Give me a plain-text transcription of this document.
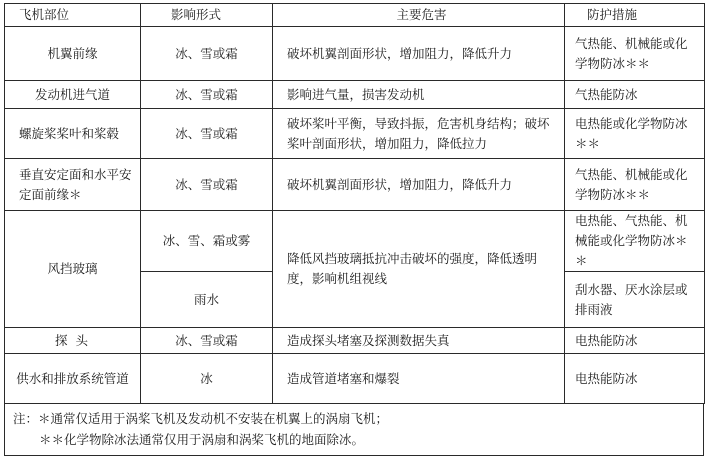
飞机部位	影响形式	主要危害	防护措施
机翼前缘	冰、雪或霜	破坏机翼剖面形状，增加阻力，降低升力	气热能、机械能或化学物防冰＊＊
发动机进气道	冰、雪或霜	影响进气量，损害发动机	气热能防冰
螺旋桨桨叶和桨毂	冰、雪或霜	破坏桨叶平衡，导致抖振，危害机身结构；破坏桨叶剖面形状，增加阻力，降低拉力	电热能或化学物防冰＊＊
垂直安定面和水平安定面前缘＊	冰、雪或霜	破坏机翼剖面形状，增加阻力，降低升力	气热能、机械能或化学物防冰＊＊
风挡玻璃	冰、雪、霜或雾	降低风挡玻璃抵抗冲击破坏的强度，降低透明度，影响机组视线	电热能、气热能、机械能或化学物防冰＊＊
	雨水		刮水器、厌水涂层或排雨液
探 头	冰、雪或霜	造成探头堵塞及探测数据失真	电热能防冰
供水和排放系统管道	冰	造成管道堵塞和爆裂	电热能防冰
注：＊通常仅适用于涡桨飞机及发动机不安装在机翼上的涡扇飞机；
＊＊化学物除冰法通常仅用于涡扇和涡桨飞机的地面除冰。
